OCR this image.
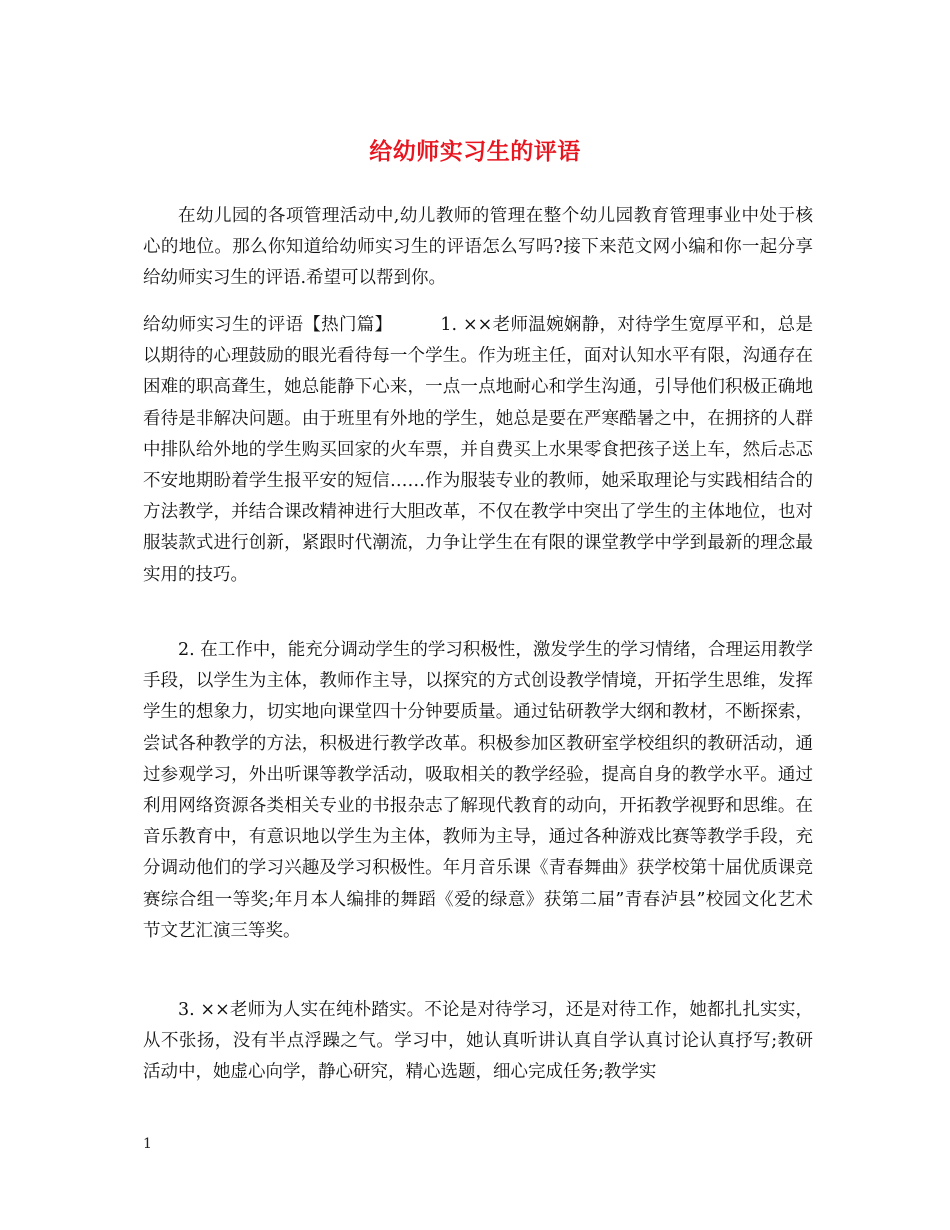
给幼师实习生的评语
在幼儿园的各项管理活动中,幼儿教师的管理在整个幼儿园教育管理事业中处于核心的地位。那么你知道给幼师实习生的评语怎么写吗?接下来范文网小编和你一起分享给幼师实习生的评语.希望可以帮到你。
给幼师实习生的评语【热门篇】	1. ××老师温婉娴静，对待学生宽厚平和，总是以期待的心理鼓励的眼光看待每一个学生。作为班主任，面对认知水平有限，沟通存在困难的职高聋生，她总能静下心来，一点一点地耐心和学生沟通，引导他们积极正确地看待是非解决问题。由于班里有外地的学生，她总是要在严寒酷暑之中，在拥挤的人群中排队给外地的学生购买回家的火车票，并自费买上水果零食把孩子送上车，然后忐忑不安地期盼着学生报平安的短信……作为服装专业的教师，她采取理论与实践相结合的方法教学，并结合课改精神进行大胆改革，不仅在教学中突出了学生的主体地位，也对服装款式进行创新，紧跟时代潮流，力争让学生在有限的课堂教学中学到最新的理念最实用的技巧。
2. 在工作中，能充分调动学生的学习积极性，激发学生的学习情绪，合理运用教学手段，以学生为主体，教师作主导，以探究的方式创设教学情境，开拓学生思维，发挥学生的想象力，切实地向课堂四十分钟要质量。通过钻研教学大纲和教材，不断探索，尝试各种教学的方法，积极进行教学改革。积极参加区教研室学校组织的教研活动，通过参观学习，外出听课等教学活动，吸取相关的教学经验，提高自身的教学水平。通过利用网络资源各类相关专业的书报杂志了解现代教育的动向，开拓教学视野和思维。在音乐教育中，有意识地以学生为主体，教师为主导，通过各种游戏比赛等教学手段，充分调动他们的学习兴趣及学习积极性。年月音乐课《青春舞曲》获学校第十届优质课竞赛综合组一等奖;年月本人编排的舞蹈《爱的绿意》获第二届”青春泸县”校园文化艺术节文艺汇演三等奖。
3. ××老师为人实在纯朴踏实。不论是对待学习，还是对待工作，她都扎扎实实，从不张扬，没有半点浮躁之气。学习中，她认真听讲认真自学认真讨论认真抒写;教研活动中，她虚心向学，静心研究，精心选题，细心完成任务;教学实
1
